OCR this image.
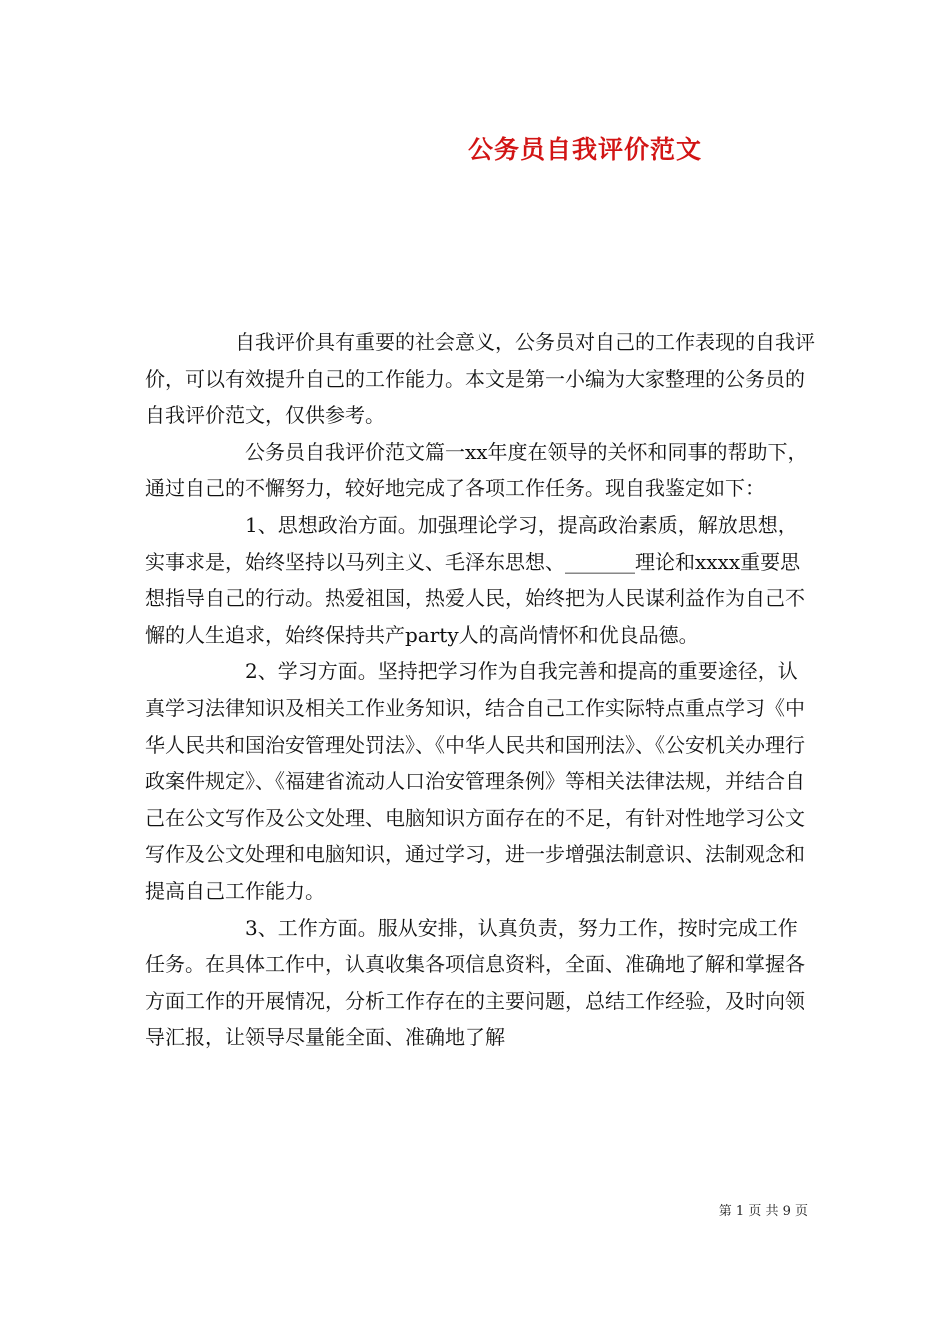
公务员自我评价范文

自我评价具有重要的社会意义，公务员对自己的工作表现的自我评价，可以有效提升自己的工作能力。本文是第一小编为大家整理的公务员的自我评价范文，仅供参考。

公务员自我评价范文篇一xx年度在领导的关怀和同事的帮助下，通过自己的不懈努力，较好地完成了各项工作任务。现自我鉴定如下：

1、思想政治方面。加强理论学习，提高政治素质，解放思想，实事求是，始终坚持以马列主义、毛泽东思想、_______理论和xxxx重要思想指导自己的行动。热爱祖国，热爱人民，始终把为人民谋利益作为自己不懈的人生追求，始终保持共产party人的高尚情怀和优良品德。

2、学习方面。坚持把学习作为自我完善和提高的重要途径，认真学习法律知识及相关工作业务知识，结合自己工作实际特点重点学习《中华人民共和国治安管理处罚法》、《中华人民共和国刑法》、《公安机关办理行政案件规定》、《福建省流动人口治安管理条例》等相关法律法规，并结合自己在公文写作及公文处理、电脑知识方面存在的不足，有针对性地学习公文写作及公文处理和电脑知识，通过学习，进一步增强法制意识、法制观念和提高自己工作能力。

3、工作方面。服从安排，认真负责，努力工作，按时完成工作任务。在具体工作中，认真收集各项信息资料，全面、准确地了解和掌握各方面工作的开展情况，分析工作存在的主要问题，总结工作经验，及时向领导汇报，让领导尽量能全面、准确地了解

第 1 页 共 9 页
